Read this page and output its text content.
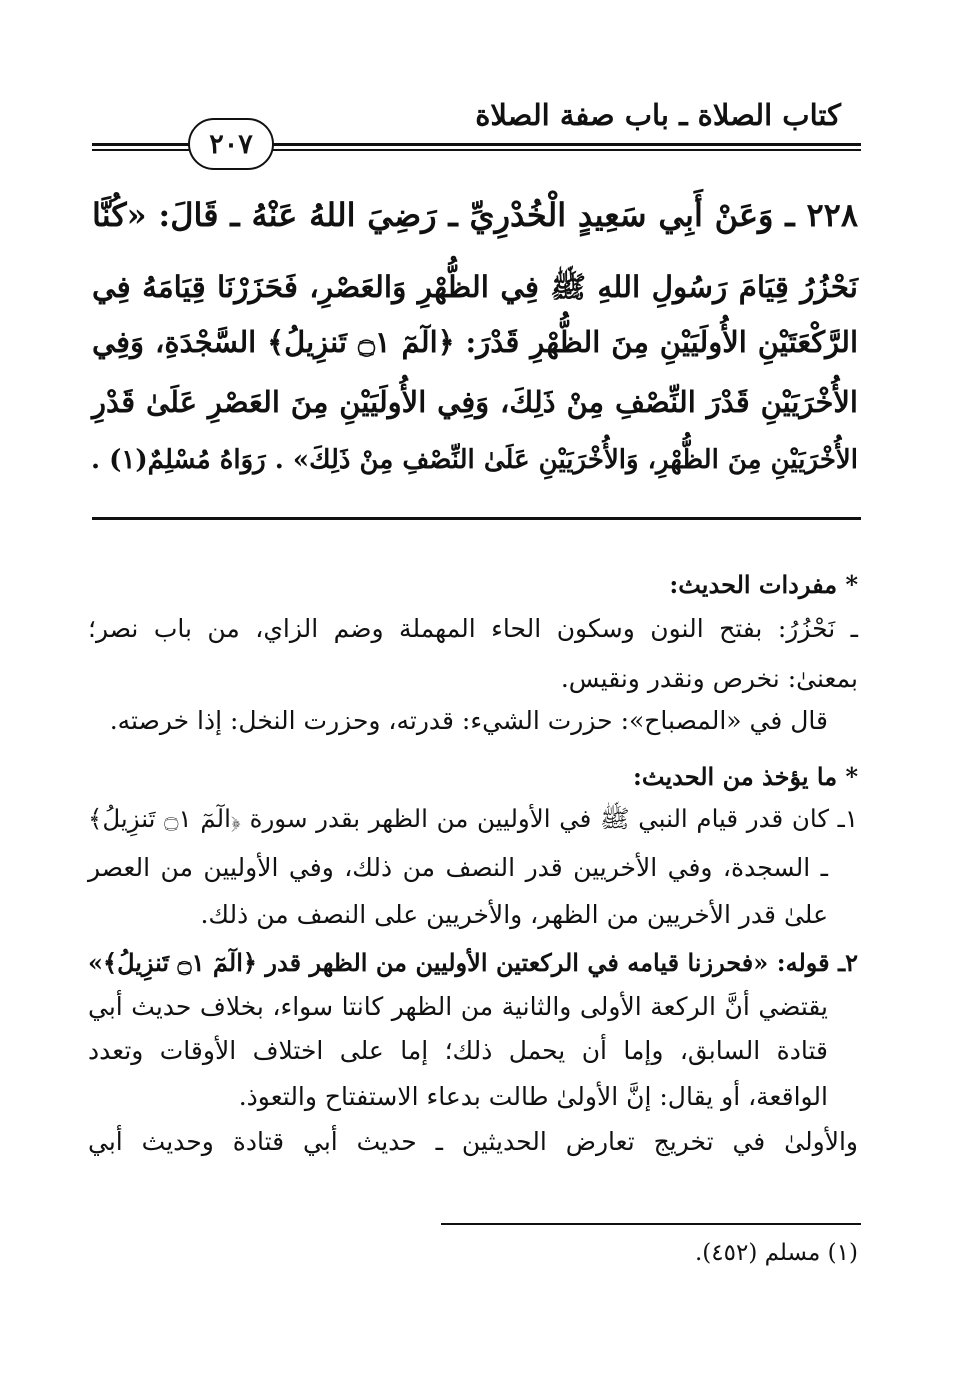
كتاب الصلاة ـ باب صفة الصلاة
٢٠٧
٢٢٨ ـ وَعَنْ أَبِي سَعِيدٍ الْخُدْرِيِّ ـ رَضِيَ اللهُ عَنْهُ ـ قَالَ: «كُنَّا
نَحْزُرُ قِيَامَ رَسُولِ اللهِ ﷺ فِي الظُّهْرِ وَالعَصْرِ، فَحَزَرْنَا قِيَامَهُ فِي
الرَّكْعَتَيْنِ الأُولَيَيْنِ مِنَ الظُّهْرِ قَدْرَ: ﴿الٓمٓ ۝١ تَنزِيلُ﴾ السَّجْدَةِ، وَفِي
الأُخْرَيَيْنِ قَدْرَ النِّصْفِ مِنْ ذَلِكَ، وَفِي الأُولَيَيْنِ مِنَ العَصْرِ عَلَىٰ قَدْرِ
الأُخْرَيَيْنِ مِنَ الظُّهْرِ، وَالأُخْرَيَيْنِ عَلَىٰ النِّصْفِ مِنْ ذَلِكَ» . رَوَاهُ مُسْلِمٌ(١) .
* مفردات الحديث:
ـ نَحْزُرُ: بفتح النون وسكون الحاء المهملة وضم الزاي، من باب نصر؛
بمعنىٰ: نخرص ونقدر ونقيس.
قال في «المصباح»: حزرت الشيء: قدرته، وحزرت النخل: إذا خرصته.
* ما يؤخذ من الحديث:
١ـ كان قدر قيام النبي ﷺ في الأوليين من الظهر بقدر سورة ﴿الٓمٓ ۝١ تَنزِيلُ﴾
ـ السجدة، وفي الأخريين قدر النصف من ذلك، وفي الأوليين من العصر
علىٰ قدر الأخريين من الظهر، والأخريين على النصف من ذلك.
٢ـ قوله: «فحرزنا قيامه في الركعتين الأوليين من الظهر قدر ﴿الٓمٓ ۝١ تَنزِيلُ﴾»
يقتضي أنَّ الركعة الأولى والثانية من الظهر كانتا سواء، بخلاف حديث أبي
قتادة السابق، وإما أن يحمل ذلك؛ إما على اختلاف الأوقات وتعدد
الواقعة، أو يقال: إنَّ الأولىٰ طالت بدعاء الاستفتاح والتعوذ.
والأولىٰ في تخريج تعارض الحديثين ـ حديث أبي قتادة وحديث أبي
(١) مسلم (٤٥٢).
